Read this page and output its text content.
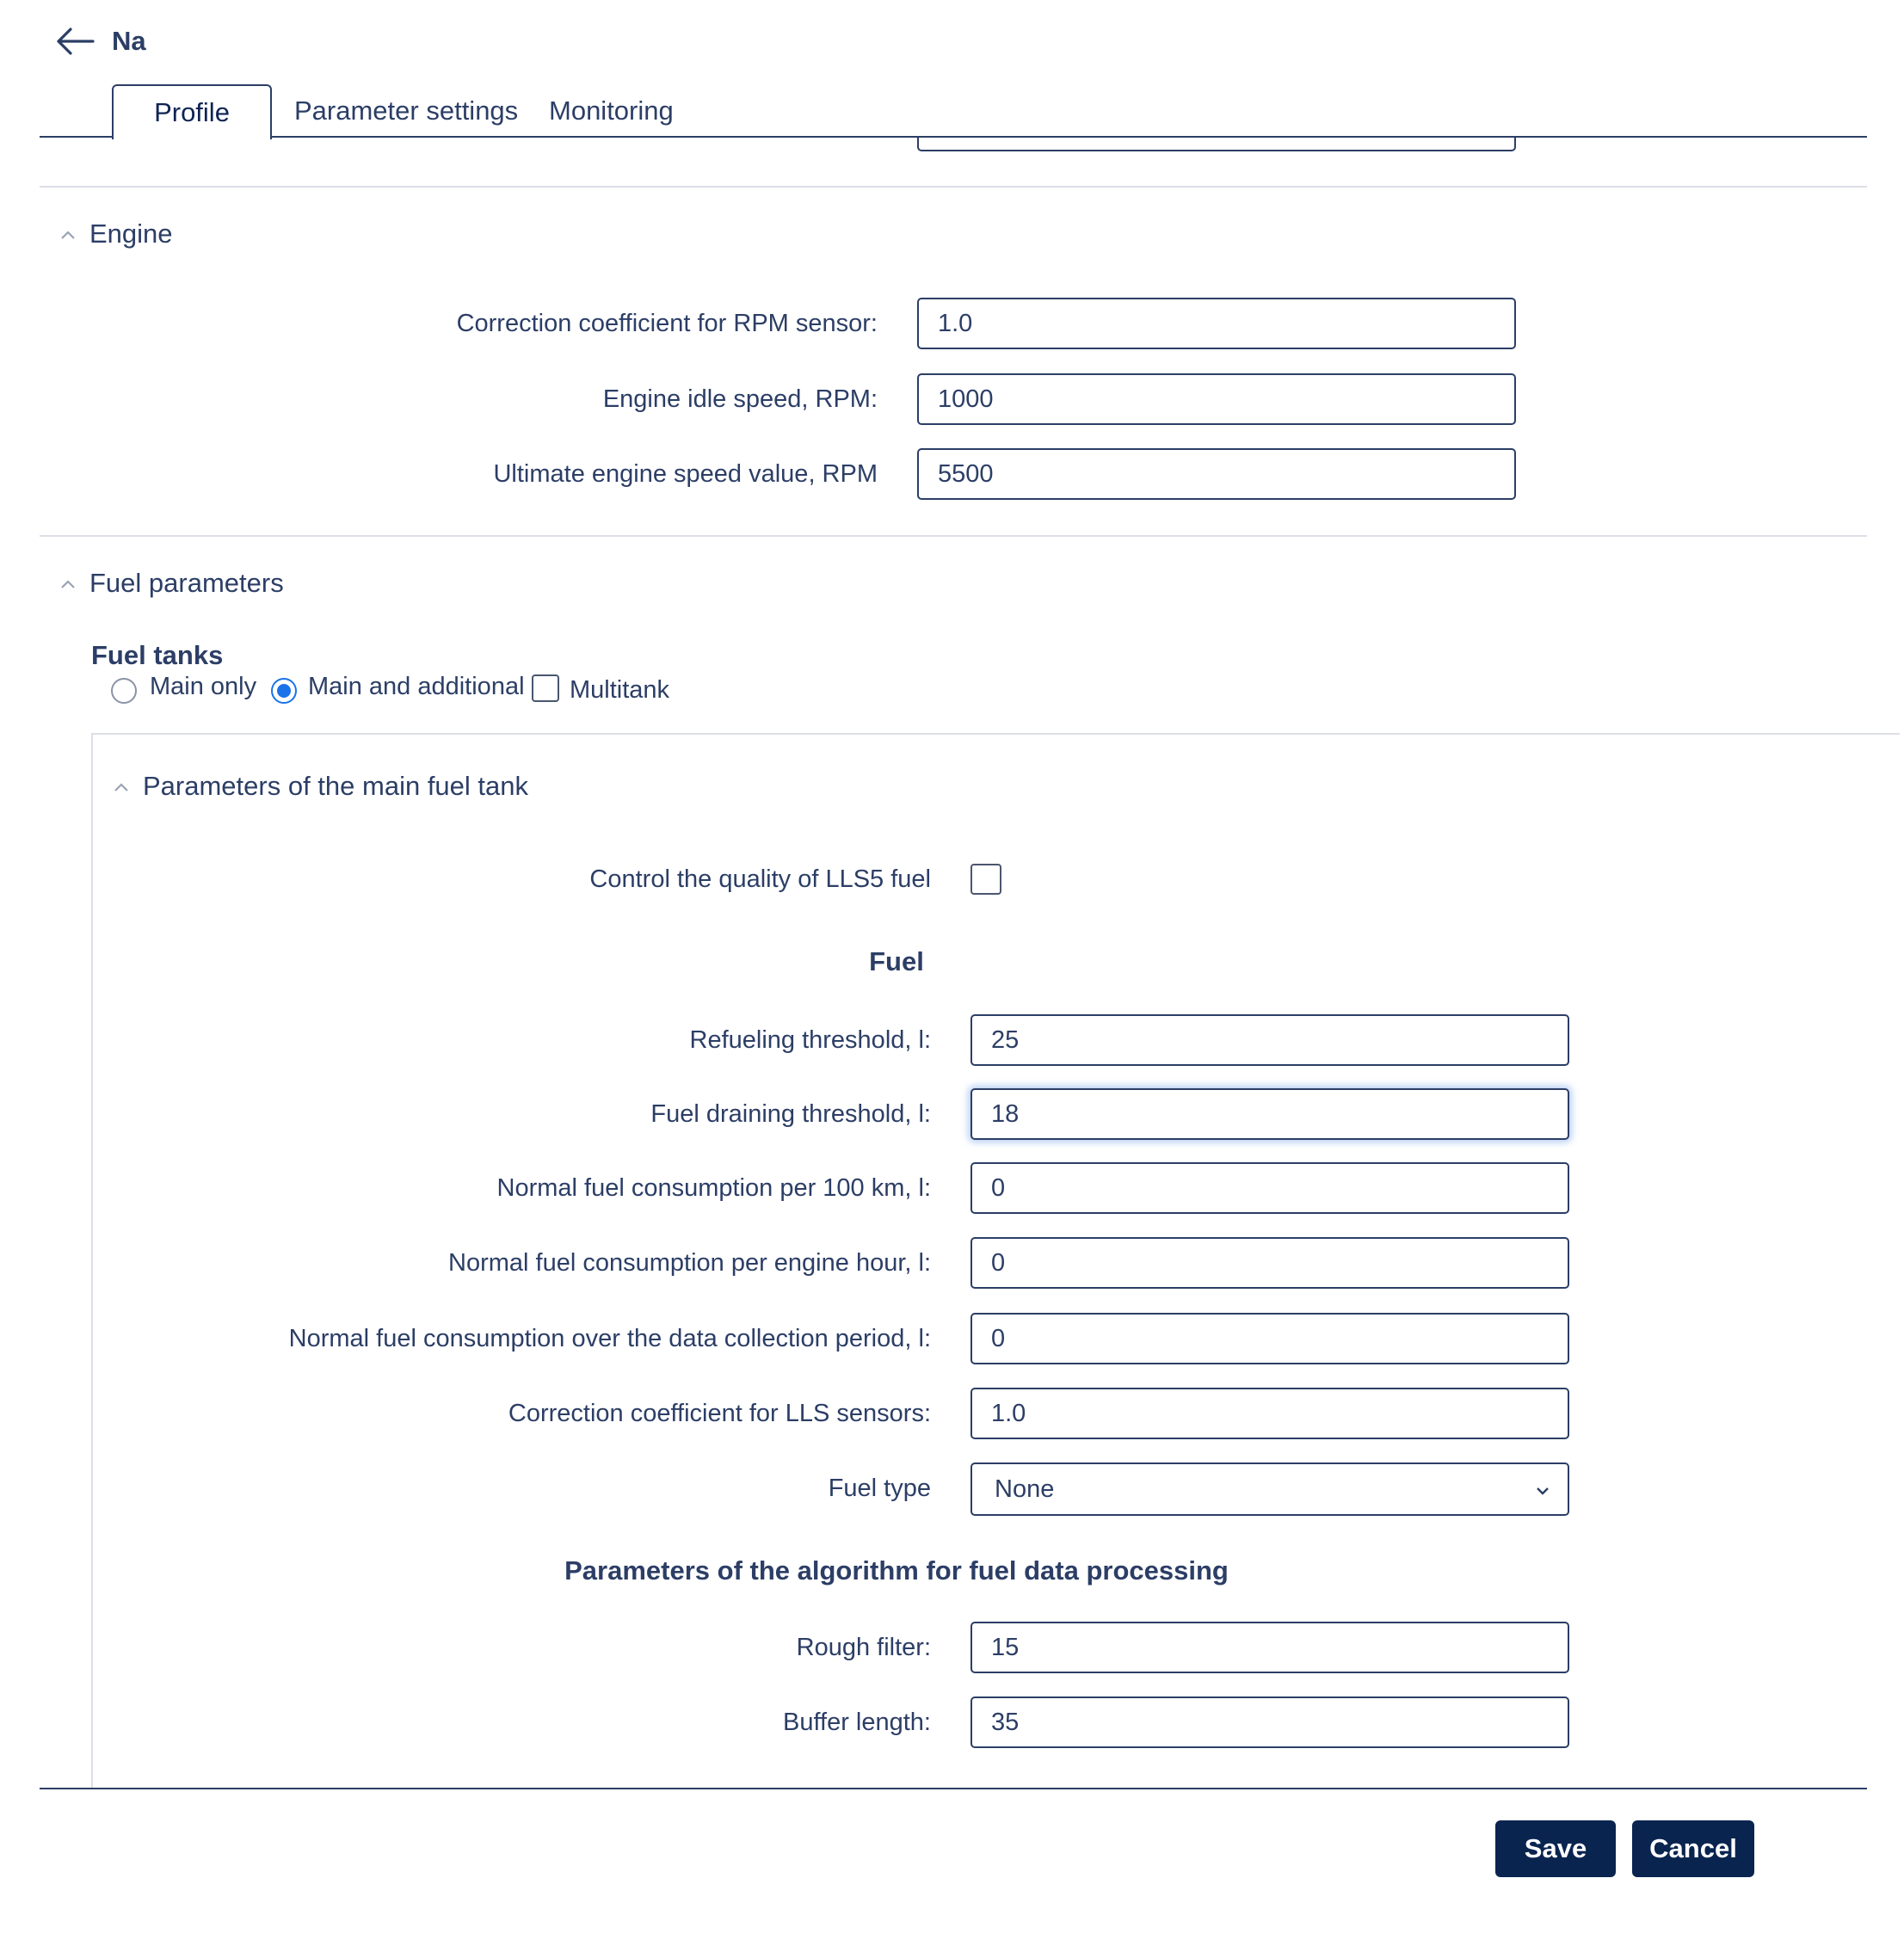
Na
Profile	Parameter settings Monitoring
Engine
Correction coefficient for RPM sensor:
1.0
Engine idle speed, RPM:
1000
Ultimate engine speed value, RPM
5500
Fuel parameters
Fuel tanks
Main only Main and additional Multitank
Parameters of the main fuel tank
Control the quality of LLS5 fuel
Fuel
Refueling threshold, l:
25
Fuel draining threshold, l:
18
Normal fuel consumption per 100 km, l:
0
Normal fuel consumption per engine hour, l:
0
Normal fuel consumption over the data collection period, l:
0
Correction coefficient for LLS sensors:
1.0
Fuel type	None
Parameters of the algorithm for fuel data processing
Rough filter:
15
Buffer length:
35
Save	Cancel
